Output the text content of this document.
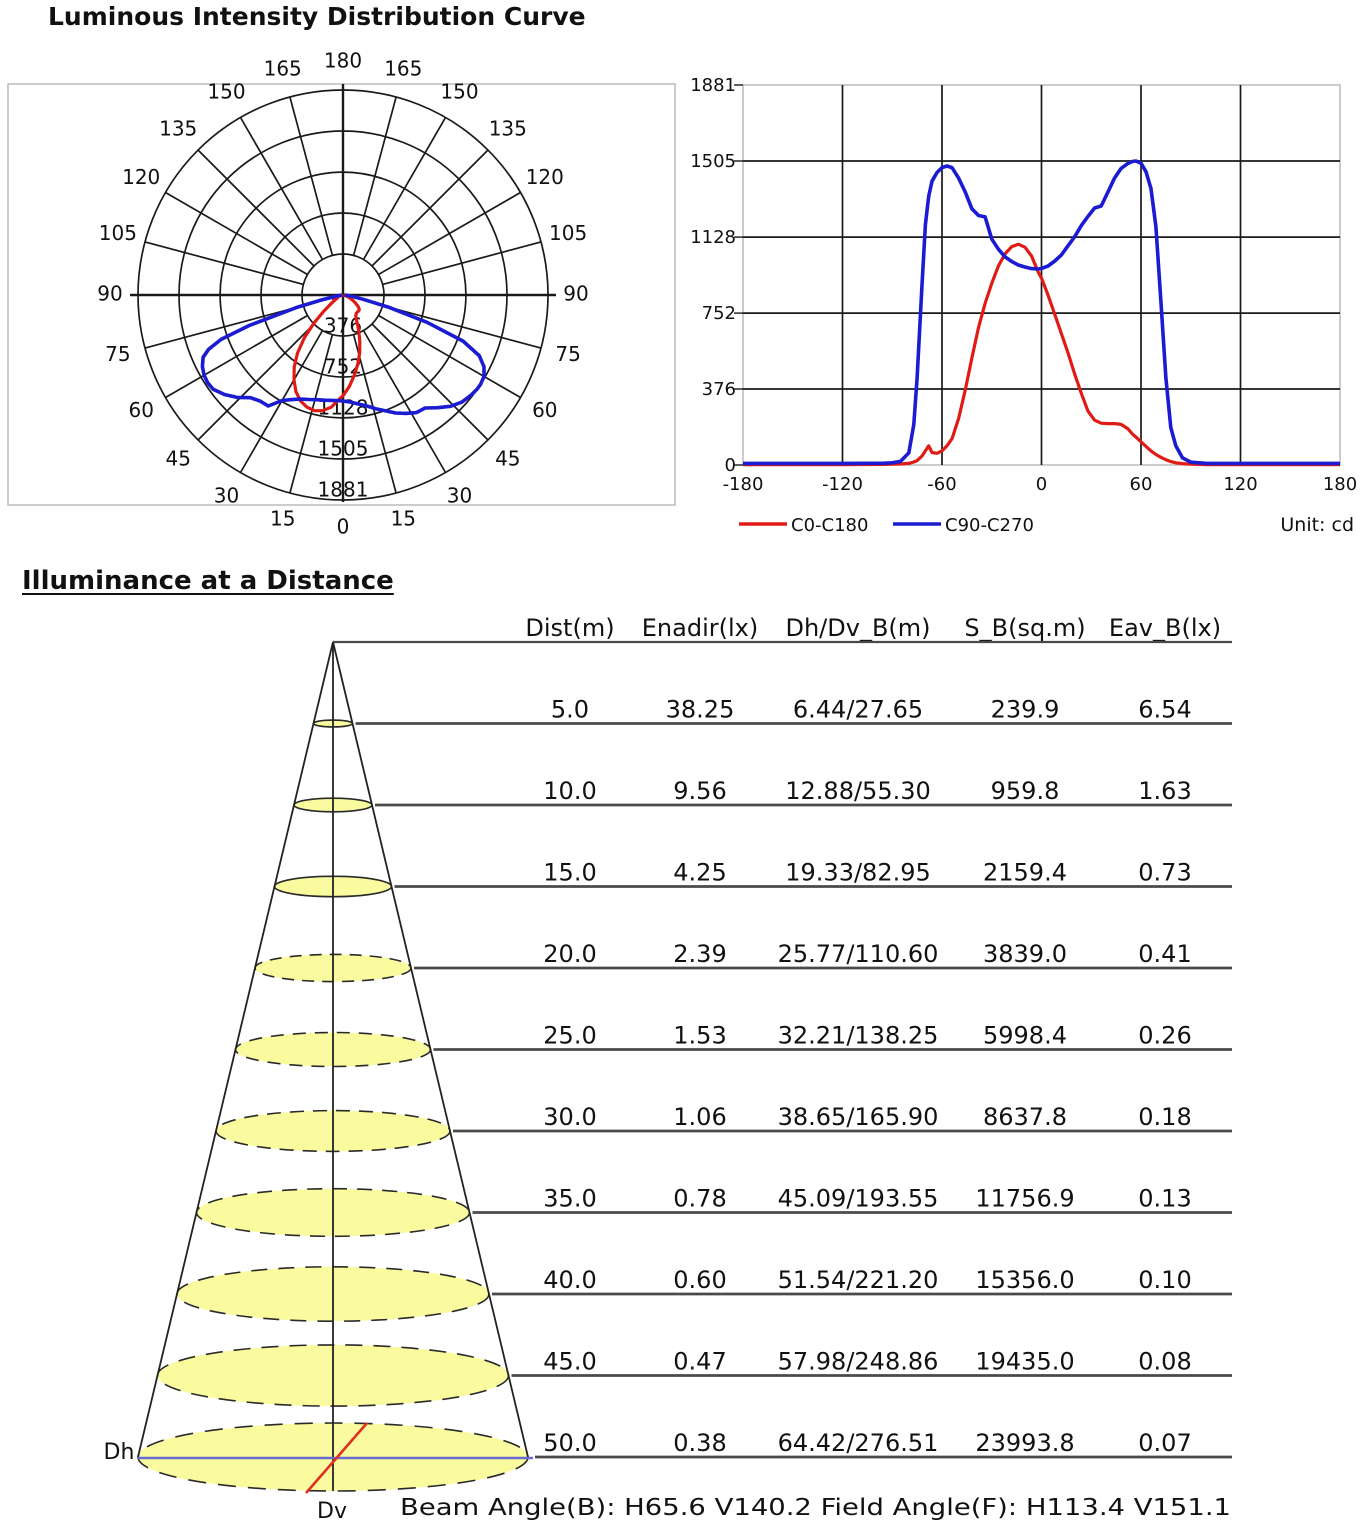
Luminous Intensity Distribution Curve
376
752
1128
1505
1881
0 15
15
30
30
45
45
60
60
75
75
90
90
105
105
120
120
135
135
150
150
165
165 180
0
376
752
1128
1505
1881
-180	-120	-60	0	60	120	180
C0-C180	C90-C270	Unit: cd
Illuminance at a Distance
Dist(m) Enadir(lx) Dh/Dv_B(m) S_B(sq.m) Eav_B(lx)
5.0	38.25 6.44/27.65	239.9	6.54
10.0	9.56 12.88/55.30 959.8	1.63
15.0	4.25 19.33/82.95 2159.4	0.73
20.0	2.39 25.77/110.60 3839.0	0.41
25.0	1.53 32.21/138.25 5998.4	0.26
30.0	1.06 38.65/165.90 8637.8	0.18
35.0	0.78 45.09/193.55 11756.9	0.13
40.0	0.60 51.54/221.20 15356.0	0.10
45.0	0.47 57.98/248.86 19435.0	0.08
50.0	0.38 64.42/276.51 23993.8	0.07
Dh
Dv Beam Angle(B): H65.6 V140.2 Field Angle(F): H113.4 V151.1
